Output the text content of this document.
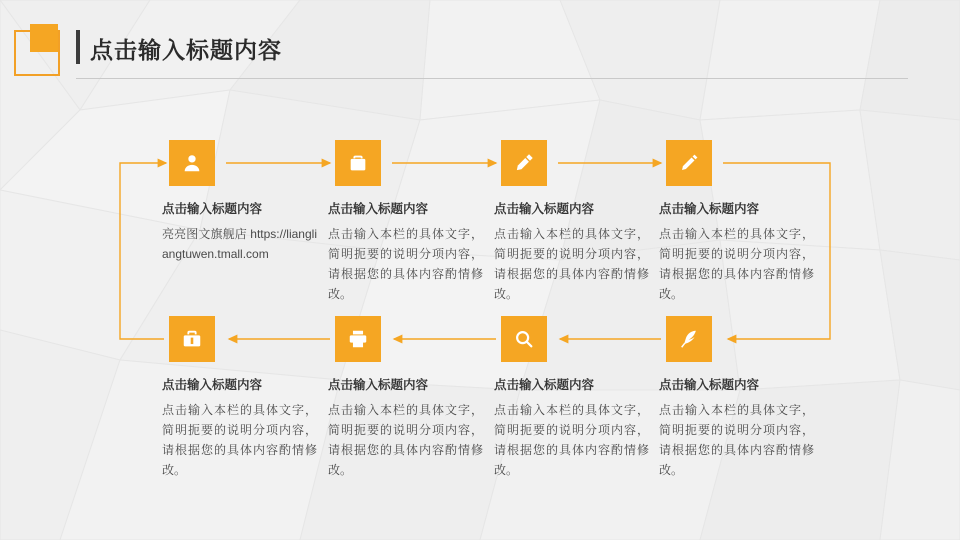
点击输入标题内容
点击输入标题内容
亮亮图文旗舰店 https://liangliangtuwen.tmall.com
点击输入标题内容
点击输入本栏的具体文字，简明扼要的说明分项内容，请根据您的具体内容酌情修改。
点击输入标题内容
点击输入本栏的具体文字，简明扼要的说明分项内容，请根据您的具体内容酌情修改。
点击输入标题内容
点击输入本栏的具体文字，简明扼要的说明分项内容，请根据您的具体内容酌情修改。
点击输入标题内容
点击输入本栏的具体文字，简明扼要的说明分项内容，请根据您的具体内容酌情修改。
点击输入标题内容
点击输入本栏的具体文字，简明扼要的说明分项内容，请根据您的具体内容酌情修改。
点击输入标题内容
点击输入本栏的具体文字，简明扼要的说明分项内容，请根据您的具体内容酌情修改。
点击输入标题内容
点击输入本栏的具体文字，简明扼要的说明分项内容，请根据您的具体内容酌情修改。
